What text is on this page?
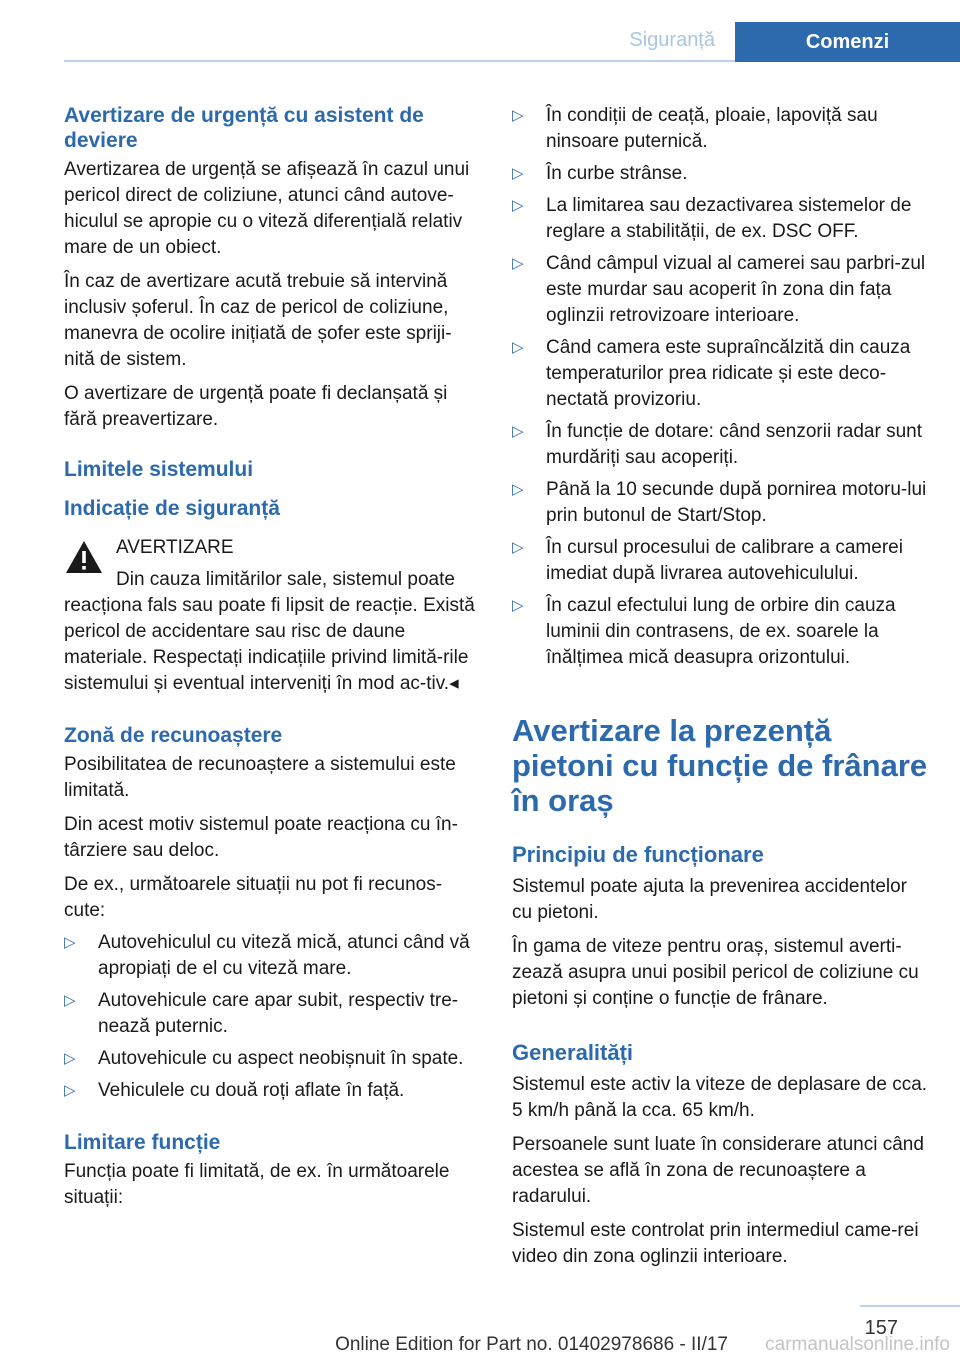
Siguranță	Comenzi
Avertizare de urgență cu asistent de deviere

Avertizarea de urgență se afișează în cazul unui pericol direct de coliziune, atunci când autove‐hiculul se apropie cu o viteză diferențială relativ mare de un obiect.

În caz de avertizare acută trebuie să intervină inclusiv șoferul. În caz de pericol de coliziune, manevra de ocolire inițiată de șofer este spriji‐nită de sistem.

O avertizare de urgență poate fi declanșată și fără preavertizare.

Limitele sistemului
Indicație de siguranță
AVERTIZARE

Din cauza limitărilor sale, sistemul poate reacționa fals sau poate fi lipsit de reacție. Există pericol de accidentare sau risc de daune materiale. Respectați indicațiile privind limită‐rile sistemului și eventual interveniți în mod ac‐tiv.◂

Zonă de recunoaștere

Posibilitatea de recunoaștere a sistemului este limitată.

Din acest motiv sistemul poate reacționa cu în‐târziere sau deloc.

De ex., următoarele situații nu pot fi recunos‐cute:

▷ Autovehiculul cu viteză mică, atunci când vă apropiați de el cu viteză mare.
▷ Autovehicule care apar subit, respectiv tre‐nează puternic.
▷ Autovehicule cu aspect neobișnuit în spate.
▷ Vehiculele cu două roți aflate în față.
Limitare funcție

Funcția poate fi limitată, de ex. în următoarele situații:

▷ În condiții de ceață, ploaie, lapoviță sau ninsoare puternică.
▷ În curbe strânse.
▷ La limitarea sau dezactivarea sistemelor de reglare a stabilității, de ex. DSC OFF.
▷ Când câmpul vizual al camerei sau parbri‐zul este murdar sau acoperit în zona din fața oglinzii retrovizoare interioare.
▷ Când camera este supraîncălzită din cauza temperaturilor prea ridicate și este deco‐nectată provizoriu.
▷ În funcție de dotare: când senzorii radar sunt murdăriți sau acoperiți.
▷ Până la 10 secunde după pornirea motoru‐lui prin butonul de Start/Stop.
▷ În cursul procesului de calibrare a camerei imediat după livrarea autovehiculului.
▷ În cazul efectului lung de orbire din cauza luminii din contrasens, de ex. soarele la înălțimea mică deasupra orizontului.
Avertizare la prezență pietoni cu funcție de frânare în oraș
Principiu de funcționare

Sistemul poate ajuta la prevenirea accidentelor cu pietoni.

În gama de viteze pentru oraș, sistemul averti‐zează asupra unui posibil pericol de coliziune cu pietoni și conține o funcție de frânare.

Generalități

Sistemul este activ la viteze de deplasare de cca. 5 km/h până la cca. 65 km/h.

Persoanele sunt luate în considerare atunci când acestea se află în zona de recunoaștere a radarului.

Sistemul este controlat prin intermediul came‐rei video din zona oglinzii interioare.

157
Online Edition for Part no. 01402978686 - II/17 carmanualsonline.info
